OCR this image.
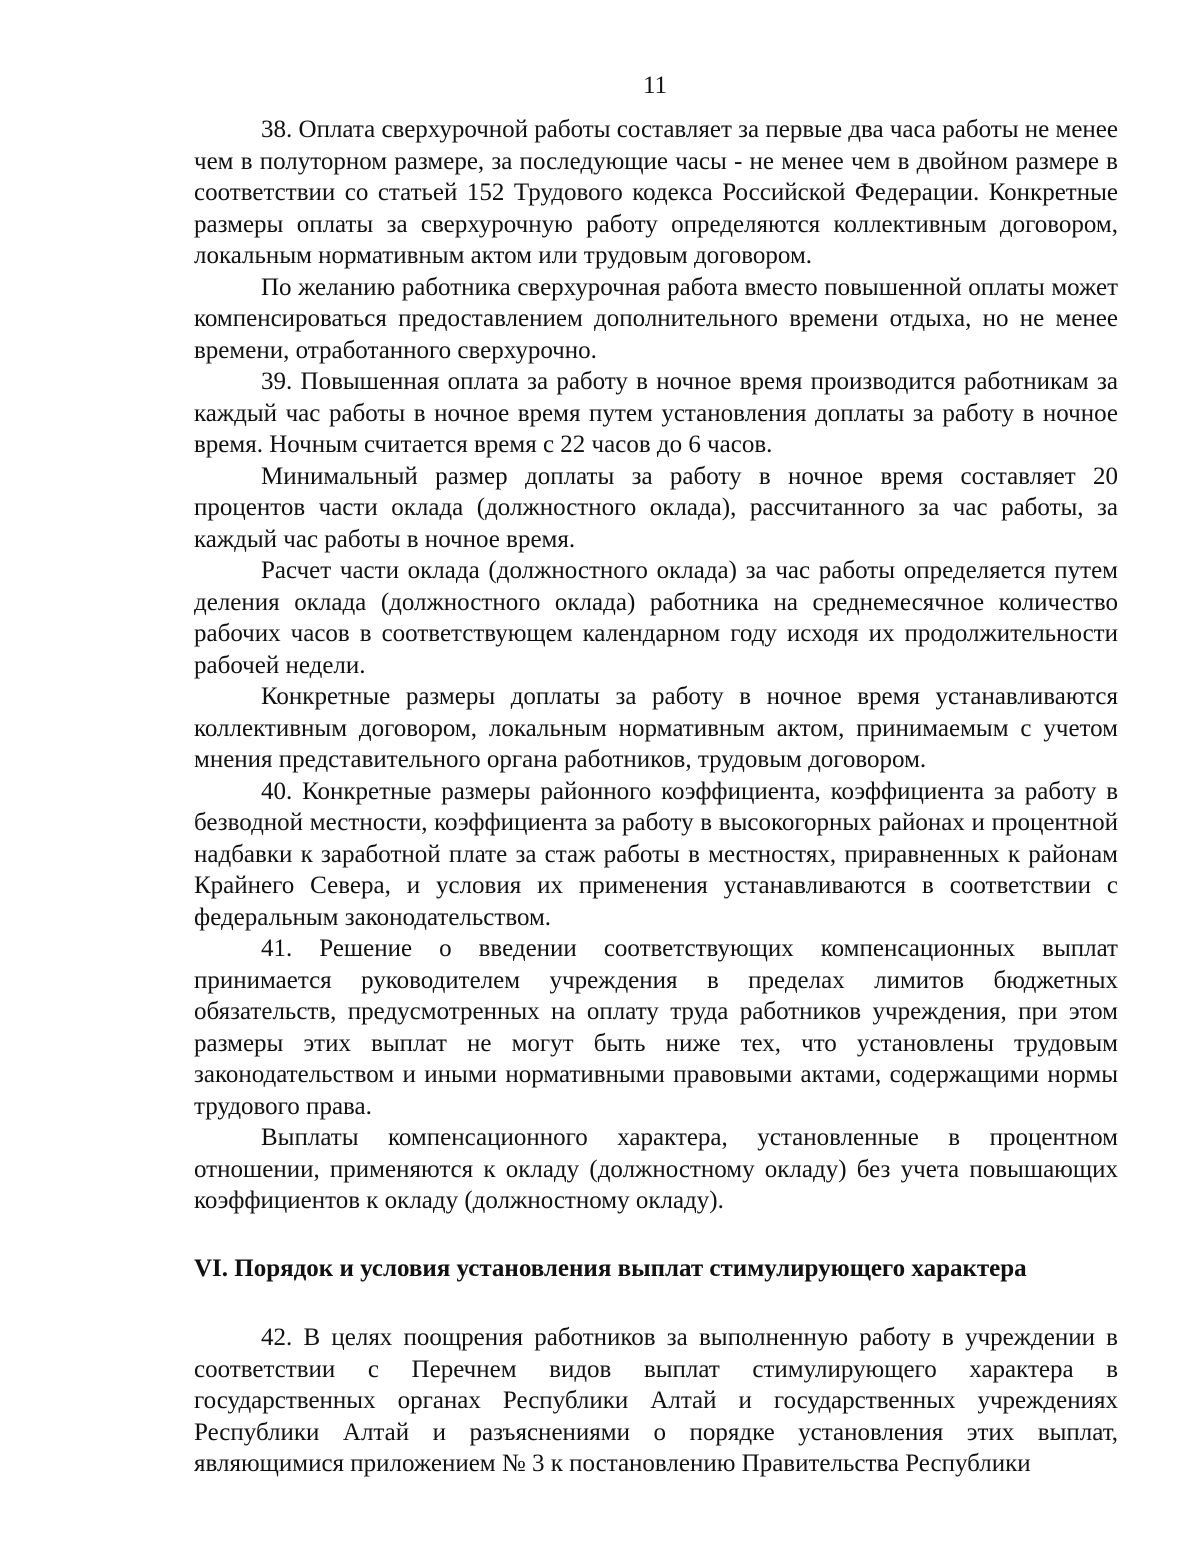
11

38. Оплата сверхурочной работы составляет за первые два часа работы не менее чем в полуторном размере, за последующие часы - не менее чем в двойном размере в соответствии со статьей 152 Трудового кодекса Российской Федерации. Конкретные размеры оплаты за сверхурочную работу определяются коллективным договором, локальным нормативным актом или трудовым договором.

По желанию работника сверхурочная работа вместо повышенной оплаты может компенсироваться предоставлением дополнительного времени отдыха, но не менее времени, отработанного сверхурочно.

39. Повышенная оплата за работу в ночное время производится работникам за каждый час работы в ночное время путем установления доплаты за работу в ночное время. Ночным считается время с 22 часов до 6 часов.

Минимальный размер доплаты за работу в ночное время составляет 20 процентов части оклада (должностного оклада), рассчитанного за час работы, за каждый час работы в ночное время.

Расчет части оклада (должностного оклада) за час работы определяется путем деления оклада (должностного оклада) работника на среднемесячное количество рабочих часов в соответствующем календарном году исходя их продолжительности рабочей недели.

Конкретные размеры доплаты за работу в ночное время устанавливаются коллективным договором, локальным нормативным актом, принимаемым с учетом мнения представительного органа работников, трудовым договором.

40. Конкретные размеры районного коэффициента, коэффициента за работу в безводной местности, коэффициента за работу в высокогорных районах и процентной надбавки к заработной плате за стаж работы в местностях, приравненных к районам Крайнего Севера, и условия их применения устанавливаются в соответствии с федеральным законодательством.

41. Решение о введении соответствующих компенсационных выплат принимается руководителем учреждения в пределах лимитов бюджетных обязательств, предусмотренных на оплату труда работников учреждения, при этом размеры этих выплат не могут быть ниже тех, что установлены трудовым законодательством и иными нормативными правовыми актами, содержащими нормы трудового права.

Выплаты компенсационного характера, установленные в процентном отношении, применяются к окладу (должностному окладу) без учета повышающих коэффициентов к окладу (должностному окладу).

VI. Порядок и условия установления выплат стимулирующего характера

42. В целях поощрения работников за выполненную работу в учреждении в соответствии с Перечнем видов выплат стимулирующего характера в государственных органах Республики Алтай и государственных учреждениях Республики Алтай и разъяснениями о порядке установления этих выплат, являющимися приложением № 3 к постановлению Правительства Республики
